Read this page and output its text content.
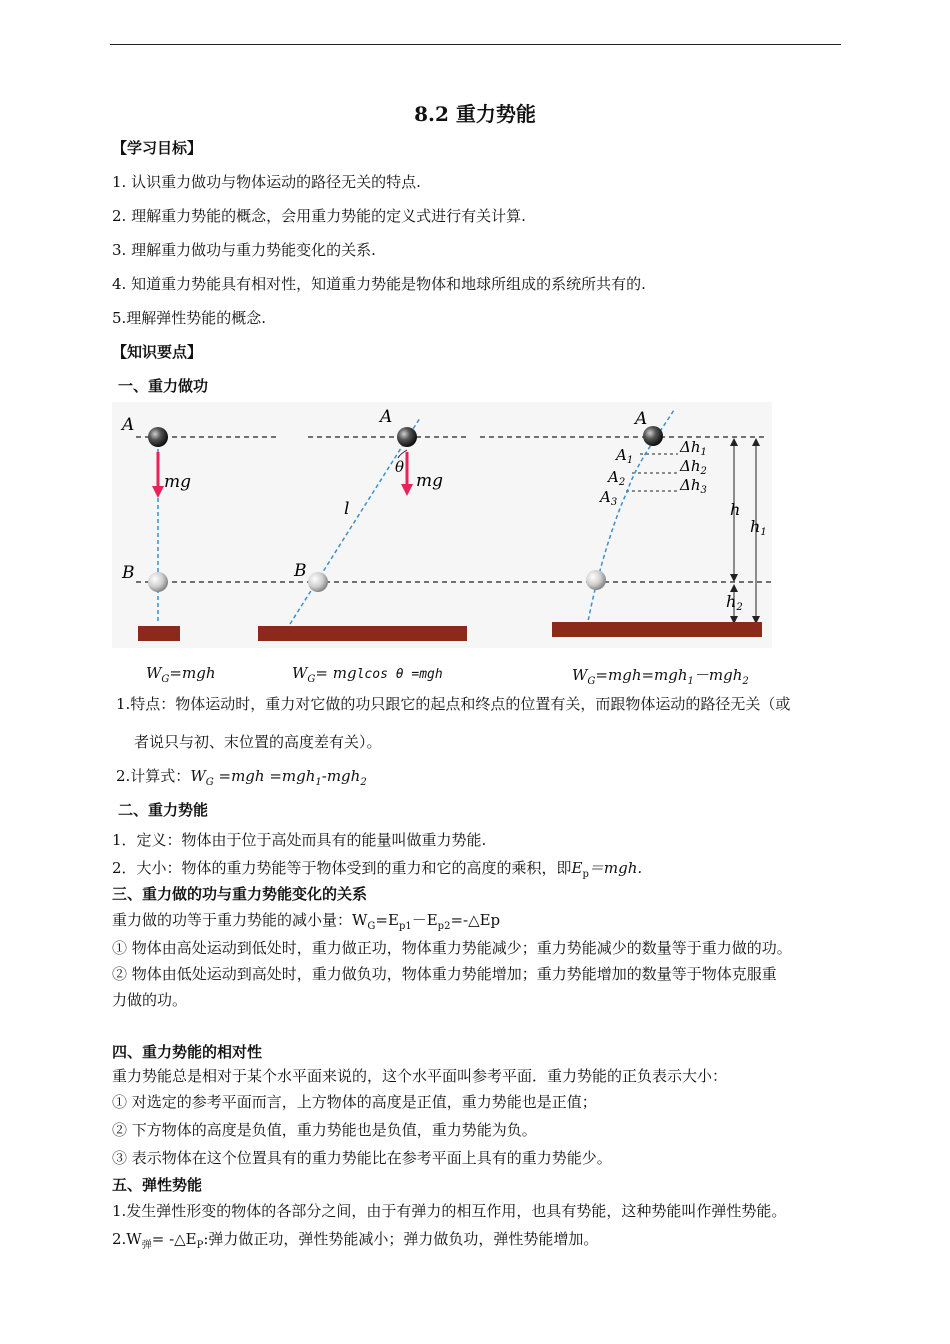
8.2 重力势能
【学习目标】
1. 认识重力做功与物体运动的路径无关的特点.
2. 理解重力势能的概念，会用重力势能的定义式进行有关计算.
3. 理解重力做功与重力势能变化的关系.
4. 知道重力势能具有相对性，知道重力势能是物体和地球所组成的系统所共有的.
5.理解弹性势能的概念.
【知识要点】
一、重力做功
mg
A
B
θ
mg
A
l
B
A
$A_1$
$A_2$
$A_3$
$\Delta h_1$
$\Delta h_2$
$\Delta h_3$
h
h1
h2
$W_G=mgh$	$W_G= mglcos$ θ =mgh	$W_G=mgh=mgh_1-mgh_2$
1.特点：物体运动时，重力对它做的功只跟它的起点和终点的位置有关，而跟物体运动的路径无关（或
者说只与初、末位置的高度差有关）。
2.计算式：$W_G =mgh =mgh_1-mgh_2$
二、重力势能
1．定义：物体由于位于高处而具有的能量叫做重力势能.
2．大小：物体的重力势能等于物体受到的重力和它的高度的乘积，即$E_p=mgh$.
三、重力做的功与重力势能变化的关系
重力做的功等于重力势能的减小量：$W_G=E_{p1}-E_{p2}=-\triangle Ep$
① 物体由高处运动到低处时，重力做正功，物体重力势能减少；重力势能减少的数量等于重力做的功。
② 物体由低处运动到高处时，重力做负功，物体重力势能增加；重力势能增加的数量等于物体克服重
力做的功。
四、重力势能的相对性
重力势能总是相对于某个水平面来说的，这个水平面叫参考平面．重力势能的正负表示大小：
① 对选定的参考平面而言，上方物体的高度是正值，重力势能也是正值；
② 下方物体的高度是负值，重力势能也是负值，重力势能为负。
③ 表示物体在这个位置具有的重力势能比在参考平面上具有的重力势能少。
五、弹性势能
1.发生弹性形变的物体的各部分之间，由于有弹力的相互作用，也具有势能，这种势能叫作弹性势能。
$2.W_弹=$ $-\triangle E_P$:弹力做正功，弹性势能减小；弹力做负功，弹性势能增加。
